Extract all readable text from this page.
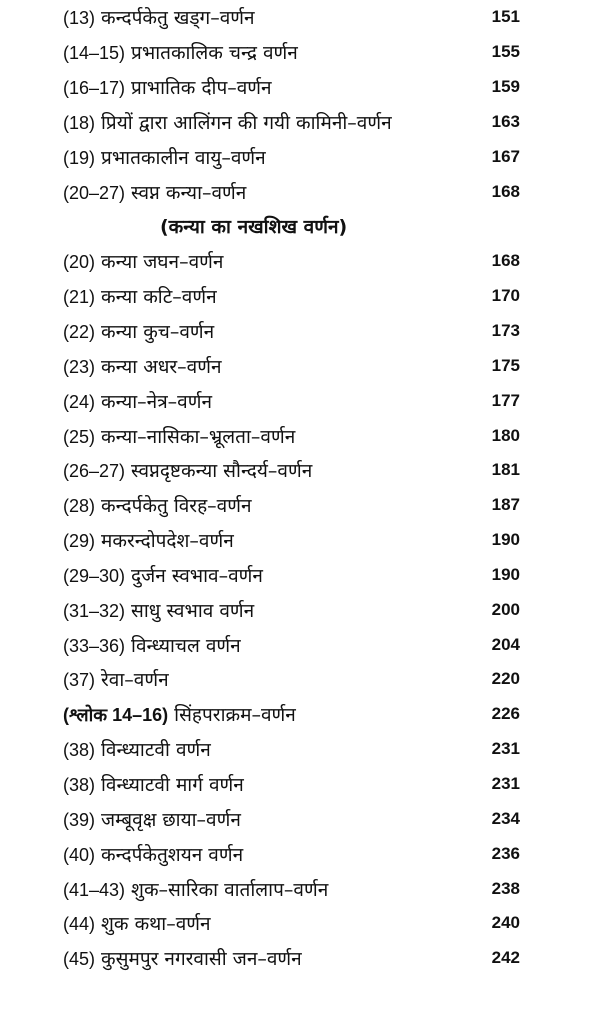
(13) कन्दर्पकेतु खड्ग–वर्णन	151
(14–15) प्रभातकालिक चन्द्र वर्णन	155
(16–17) प्राभातिक दीप–वर्णन	159
(18) प्रियों द्वारा आलिंगन की गयी कामिनी–वर्णन	163
(19) प्रभातकालीन वायु–वर्णन	167
(20–27) स्वप्न कन्या–वर्णन	168
(कन्या का नखशिख वर्णन)
(20) कन्या जघन–वर्णन	168
(21) कन्या कटि–वर्णन	170
(22) कन्या कुच–वर्णन	173
(23) कन्या अधर–वर्णन	175
(24) कन्या–नेत्र–वर्णन	177
(25) कन्या–नासिका–भ्रूलता–वर्णन	180
(26–27) स्वप्नदृष्टकन्या सौन्दर्य–वर्णन	181
(28) कन्दर्पकेतु विरह–वर्णन	187
(29) मकरन्दोपदेश–वर्णन	190
(29–30) दुर्जन स्वभाव–वर्णन	190
(31–32) साधु स्वभाव वर्णन	200
(33–36) विन्ध्याचल वर्णन	204
(37) रेवा–वर्णन	220
(श्लोक 14–16) सिंहपराक्रम–वर्णन	226
(38) विन्ध्याटवी वर्णन	231
(38) विन्ध्याटवी मार्ग वर्णन	231
(39) जम्बूवृक्ष छाया–वर्णन	234
(40) कन्दर्पकेतुशयन वर्णन	236
(41–43) शुक–सारिका वार्तालाप–वर्णन	238
(44) शुक कथा–वर्णन	240
(45) कुसुमपुर नगरवासी जन–वर्णन	242
